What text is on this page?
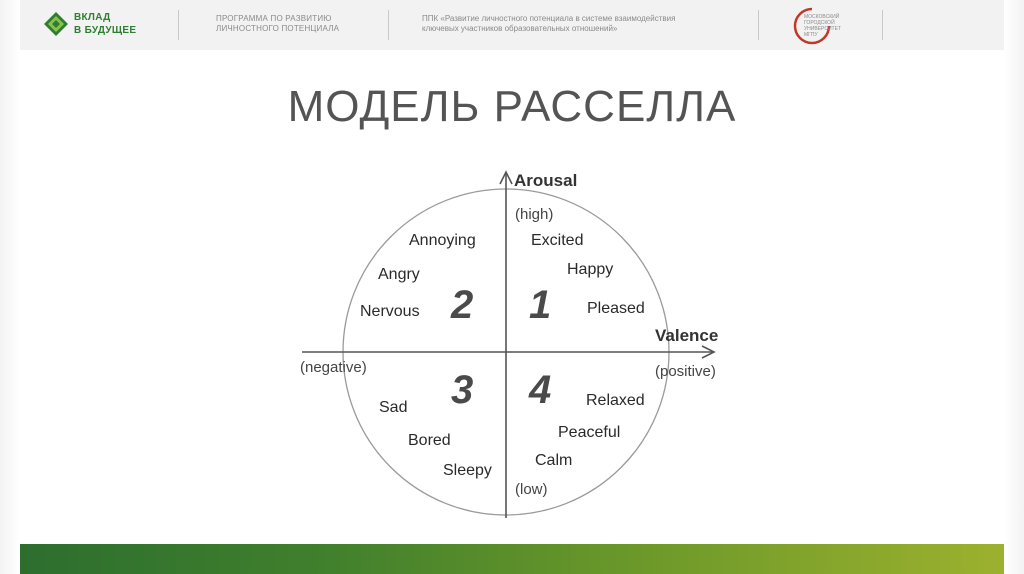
ВКЛАД
В БУДУЩЕЕ
ПРОГРАММА ПО РАЗВИТИЮ
ЛИЧНОСТНОГО ПОТЕНЦИАЛА
ППК «Развитие личностного потенциала в системе взаимодействия
ключевых участников образовательных отношений»
МОСКОВСКИЙ
ГОРОДСКОЙ
УНИВЕРСИТЕТ
МГПУ
МОДЕЛЬ РАССЕЛЛА
Arousal
(high)
(low)
Valence
(negative)	(positive)
1
2
3 4
Excited
Happy
Pleased
Annoying
Angry
Nervous
Sad
Bored
Sleepy
Relaxed
Peaceful
Calm
